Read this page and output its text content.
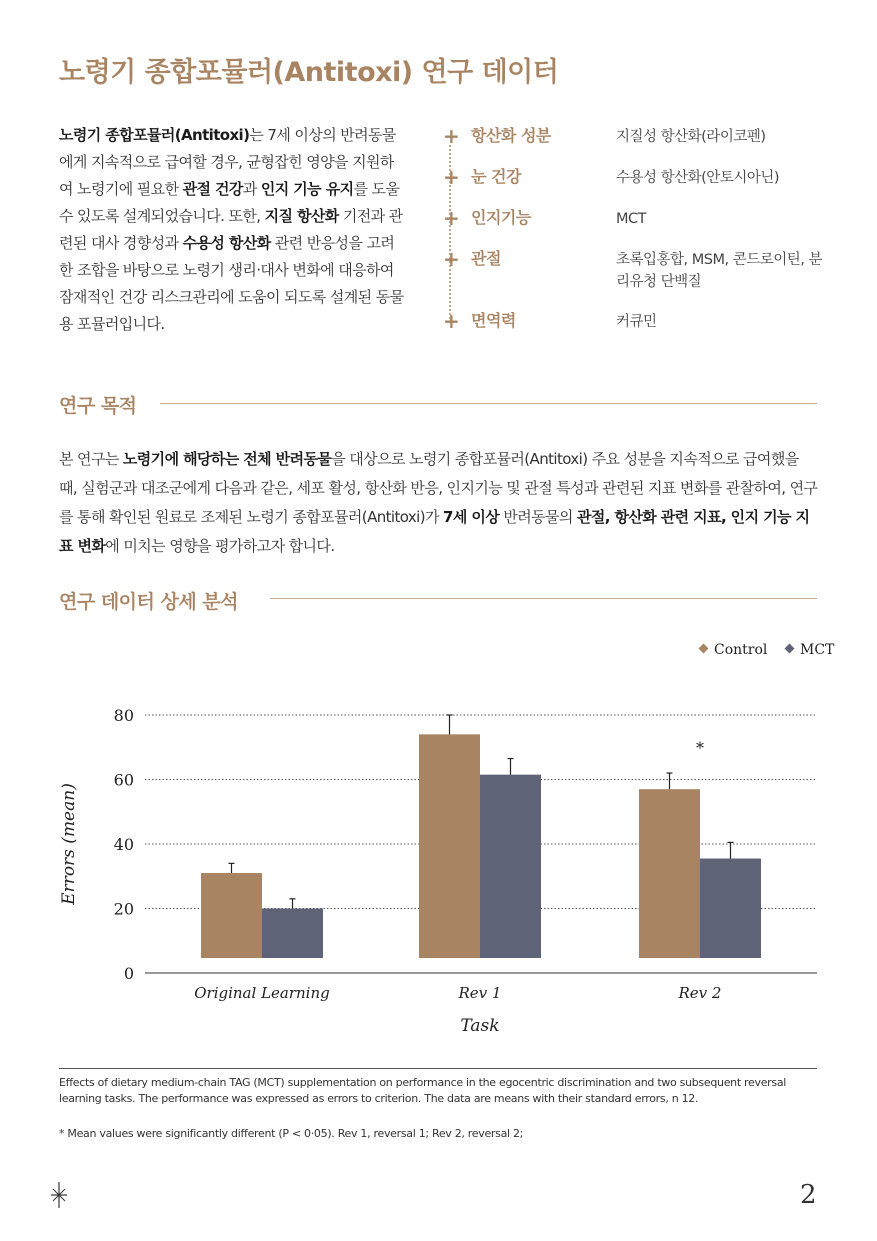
노령기 종합포뮬러(Antitoxi) 연구 데이터
노령기 종합포뮬러(Antitoxi)는 7세 이상의 반려동물에게 지속적으로 급여할 경우, 균형잡힌 영양을 지원하여 노령기에 필요한 관절 건강과 인지 기능 유지를 도울 수 있도록 설계되었습니다. 또한, 지질 항산화 기전과 관련된 대사 경향성과 수용성 항산화 관련 반응성을 고려한 조합을 바탕으로 노령기 생리·대사 변화에 대응하여 잠재적인 건강 리스크관리에 도움이 되도록 설계된 동물용 포뮬러입니다.
+ 항산화 성분	지질성 항산화(라이코펜)
+ 눈 건강	수용성 항산화(안토시아닌)
+ 인지기능	MCT
+ 관절	초록입홍합, MSM, 콘드로이틴, 분리유청 단백질
+ 면역력	커큐민
연구 목적
본 연구는 노령기에 해당하는 전체 반려동물을 대상으로 노령기 종합포뮬러(Antitoxi) 주요 성분을 지속적으로 급여했을 때, 실험군과 대조군에게 다음과 같은, 세포 활성, 항산화 반응, 인지기능 및 관절 특성과 관련된 지표 변화를 관찰하여, 연구를 통해 확인된 원료로 조제된 노령기 종합포뮬러(Antitoxi)가 7세 이상 반려동물의 관절, 항산화 관련 지표, 인지 기능 지표 변화에 미치는 영향을 평가하고자 합니다.
연구 데이터 상세 분석
0
20
40
60
80
Original Learning	Rev 1	Rev 2
*
Task
Errors (mean)
Control MCT
Effects of dietary medium-chain TAG (MCT) supplementation on performance in the egocentric discrimination and two subsequent reversal learning tasks. The performance was expressed as errors to criterion. The data are means with their standard errors, n 12.
* Mean values were significantly different (P < 0·05). Rev 1, reversal 1; Rev 2, reversal 2;
2
